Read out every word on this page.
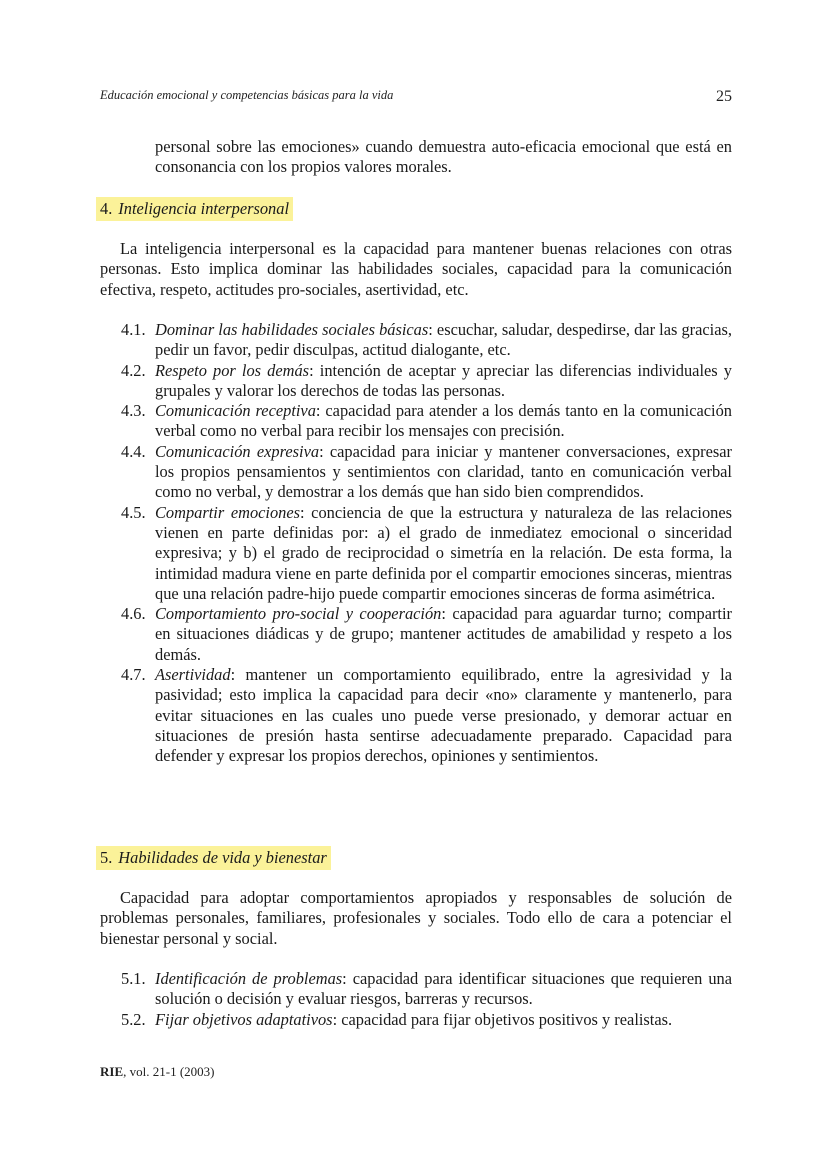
Educación emocional y competencias básicas para la vida	25
personal sobre las emociones» cuando demuestra auto-eficacia emocional que está en consonancia con los propios valores morales.
4. Inteligencia interpersonal
La inteligencia interpersonal es la capacidad para mantener buenas relaciones con otras personas. Esto implica dominar las habilidades sociales, capacidad para la comunicación efectiva, respeto, actitudes pro-sociales, asertividad, etc.
4.1. Dominar las habilidades sociales básicas: escuchar, saludar, despedirse, dar las gracias, pedir un favor, pedir disculpas, actitud dialogante, etc.
4.2. Respeto por los demás: intención de aceptar y apreciar las diferencias individuales y grupales y valorar los derechos de todas las personas.
4.3. Comunicación receptiva: capacidad para atender a los demás tanto en la comunicación verbal como no verbal para recibir los mensajes con precisión.
4.4. Comunicación expresiva: capacidad para iniciar y mantener conversaciones, expresar los propios pensamientos y sentimientos con claridad, tanto en comunicación verbal como no verbal, y demostrar a los demás que han sido bien comprendidos.
4.5. Compartir emociones: conciencia de que la estructura y naturaleza de las relaciones vienen en parte definidas por: a) el grado de inmediatez emocional o sinceridad expresiva; y b) el grado de reciprocidad o simetría en la relación. De esta forma, la intimidad madura viene en parte definida por el compartir emociones sinceras, mientras que una relación padre-hijo puede compartir emociones sinceras de forma asimétrica.
4.6. Comportamiento pro-social y cooperación: capacidad para aguardar turno; compartir en situaciones diádicas y de grupo; mantener actitudes de amabilidad y respeto a los demás.
4.7. Asertividad: mantener un comportamiento equilibrado, entre la agresividad y la pasividad; esto implica la capacidad para decir «no» claramente y mantenerlo, para evitar situaciones en las cuales uno puede verse presionado, y demorar actuar en situaciones de presión hasta sentirse adecuadamente preparado. Capacidad para defender y expresar los propios derechos, opiniones y sentimientos.
5. Habilidades de vida y bienestar
Capacidad para adoptar comportamientos apropiados y responsables de solución de problemas personales, familiares, profesionales y sociales. Todo ello de cara a potenciar el bienestar personal y social.
5.1. Identificación de problemas: capacidad para identificar situaciones que requieren una solución o decisión y evaluar riesgos, barreras y recursos.
5.2. Fijar objetivos adaptativos: capacidad para fijar objetivos positivos y realistas.
RIE, vol. 21-1 (2003)
